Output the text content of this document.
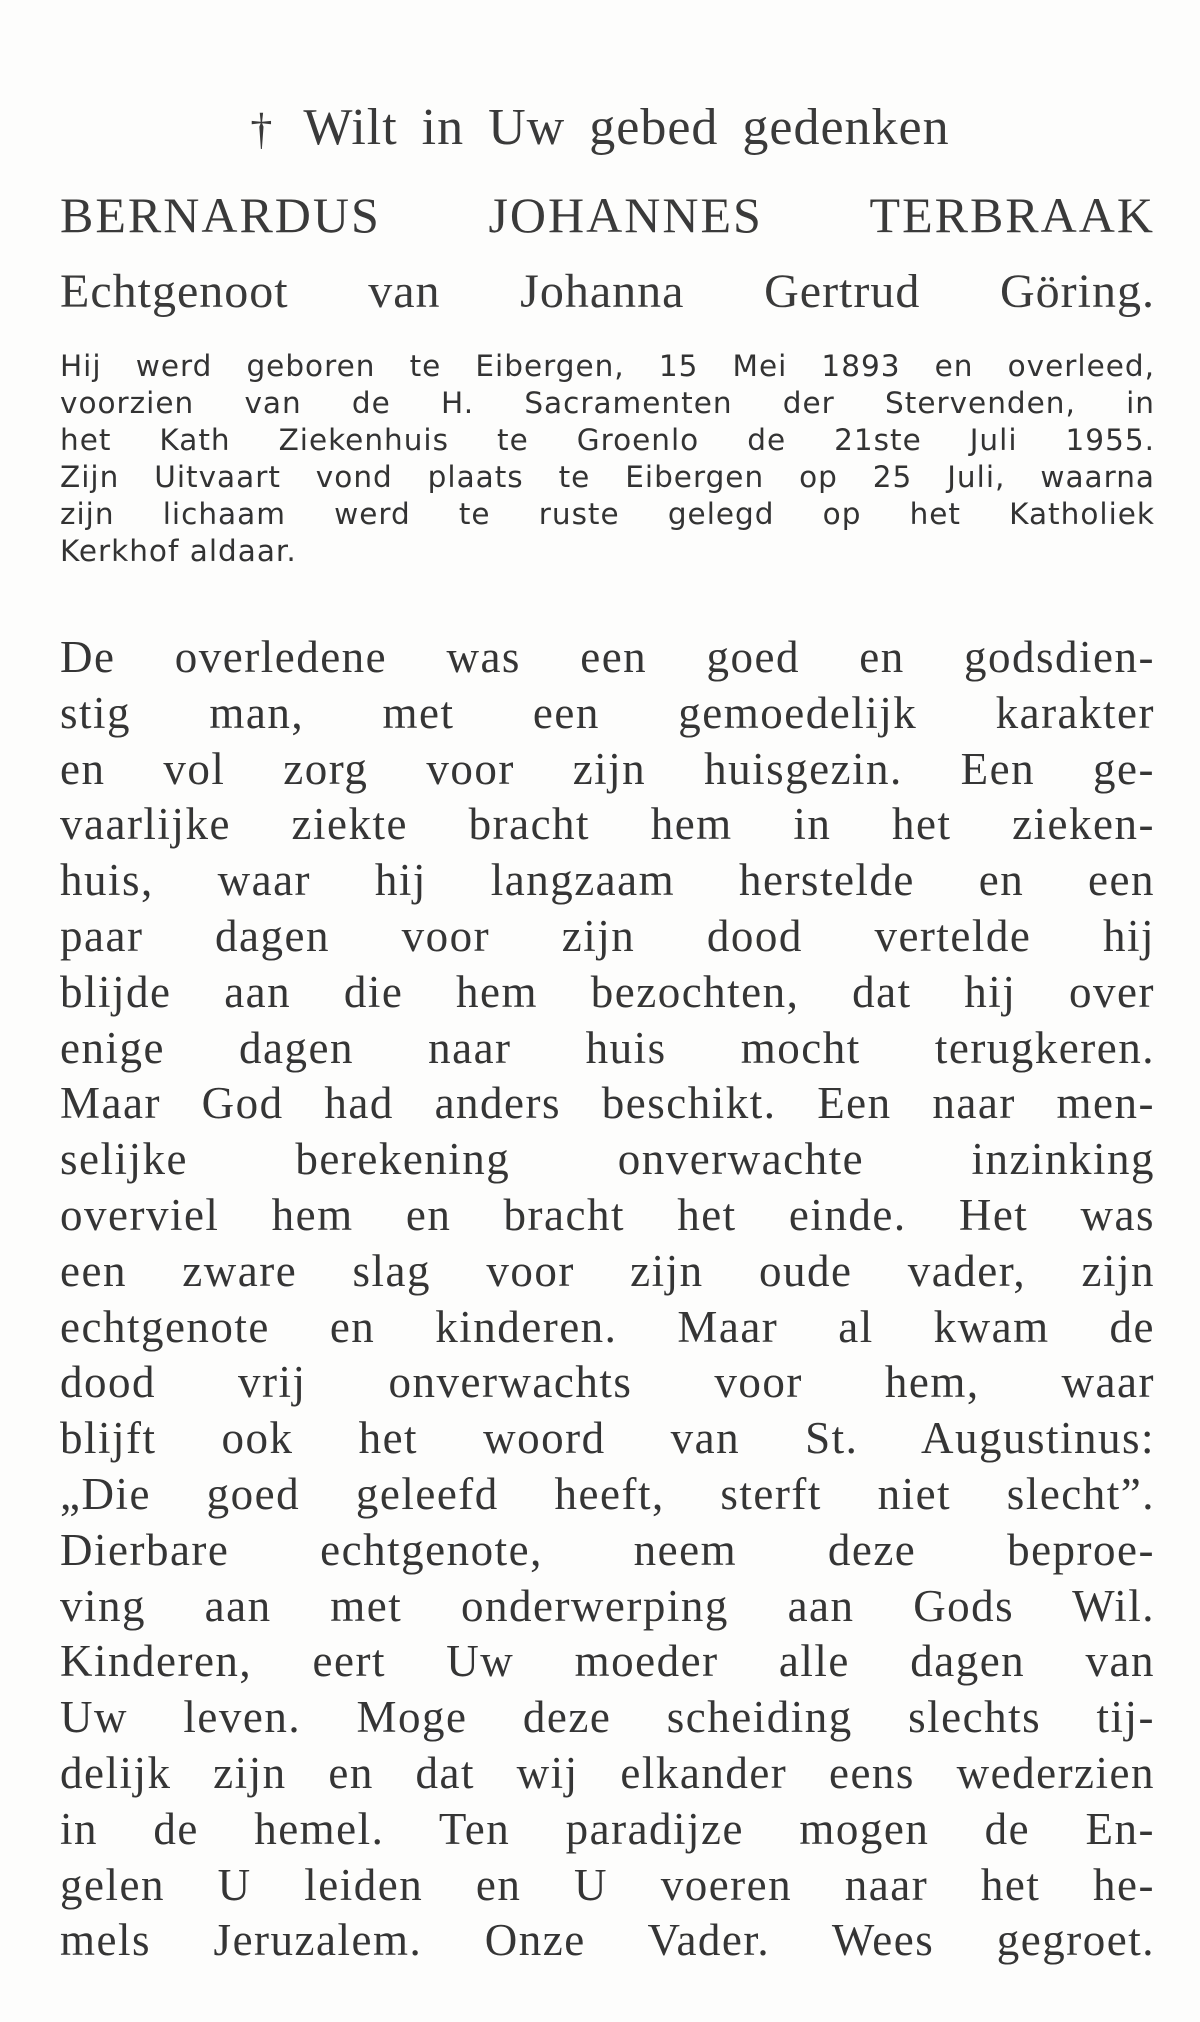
† Wilt in Uw gebed gedenken
BERNARDUS JOHANNES TERBRAAK
Echtgenoot van Johanna Gertrud Göring.
Hij werd geboren te Eibergen, 15 Mei 1893 en overleed,
voorzien van de H. Sacramenten der Stervenden, in
het Kath Ziekenhuis te Groenlo de 21ste Juli 1955.
Zijn Uitvaart vond plaats te Eibergen op 25 Juli, waarna
zijn lichaam werd te ruste gelegd op het Katholiek
Kerkhof aldaar.
De overledene was een goed en godsdien-
stig man, met een gemoedelijk karakter
en vol zorg voor zijn huisgezin. Een ge-
vaarlijke ziekte bracht hem in het zieken-
huis, waar hij langzaam herstelde en een
paar dagen voor zijn dood vertelde hij
blijde aan die hem bezochten, dat hij over
enige dagen naar huis mocht terugkeren.
Maar God had anders beschikt. Een naar men-
selijke berekening onverwachte inzinking
overviel hem en bracht het einde. Het was
een zware slag voor zijn oude vader, zijn
echtgenote en kinderen. Maar al kwam de
dood vrij onverwachts voor hem, waar
blijft ook het woord van St. Augustinus:
„Die goed geleefd heeft, sterft niet slecht”.
Dierbare echtgenote, neem deze beproe-
ving aan met onderwerping aan Gods Wil.
Kinderen, eert Uw moeder alle dagen van
Uw leven. Moge deze scheiding slechts tij-
delijk zijn en dat wij elkander eens wederzien
in de hemel. Ten paradijze mogen de En-
gelen U leiden en U voeren naar het he-
mels Jeruzalem. Onze Vader. Wees gegroet.
